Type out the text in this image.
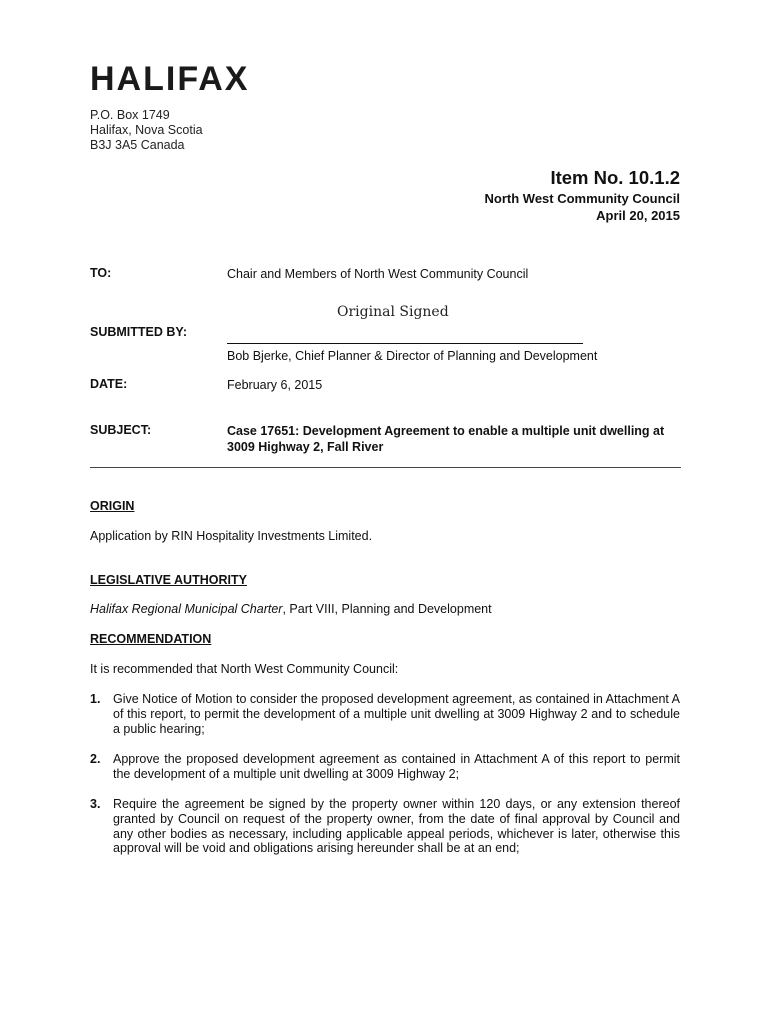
HALIFAX
P.O. Box 1749
Halifax, Nova Scotia
B3J 3A5 Canada
Item No. 10.1.2
North West Community Council
April 20, 2015
TO:	Chair and Members of North West Community Council
Original Signed
SUBMITTED BY:
Bob Bjerke, Chief Planner & Director of Planning and Development
DATE:	February 6, 2015
SUBJECT:	Case 17651: Development Agreement to enable a multiple unit dwelling at 3009 Highway 2, Fall River
ORIGIN
Application by RIN Hospitality Investments Limited.
LEGISLATIVE AUTHORITY
Halifax Regional Municipal Charter, Part VIII, Planning and Development
RECOMMENDATION
It is recommended that North West Community Council:
1. Give Notice of Motion to consider the proposed development agreement, as contained in Attachment A of this report, to permit the development of a multiple unit dwelling at 3009 Highway 2 and to schedule a public hearing;
2. Approve the proposed development agreement as contained in Attachment A of this report to permit the development of a multiple unit dwelling at 3009 Highway 2;
3. Require the agreement be signed by the property owner within 120 days, or any extension thereof granted by Council on request of the property owner, from the date of final approval by Council and any other bodies as necessary, including applicable appeal periods, whichever is later, otherwise this approval will be void and obligations arising hereunder shall be at an end;
